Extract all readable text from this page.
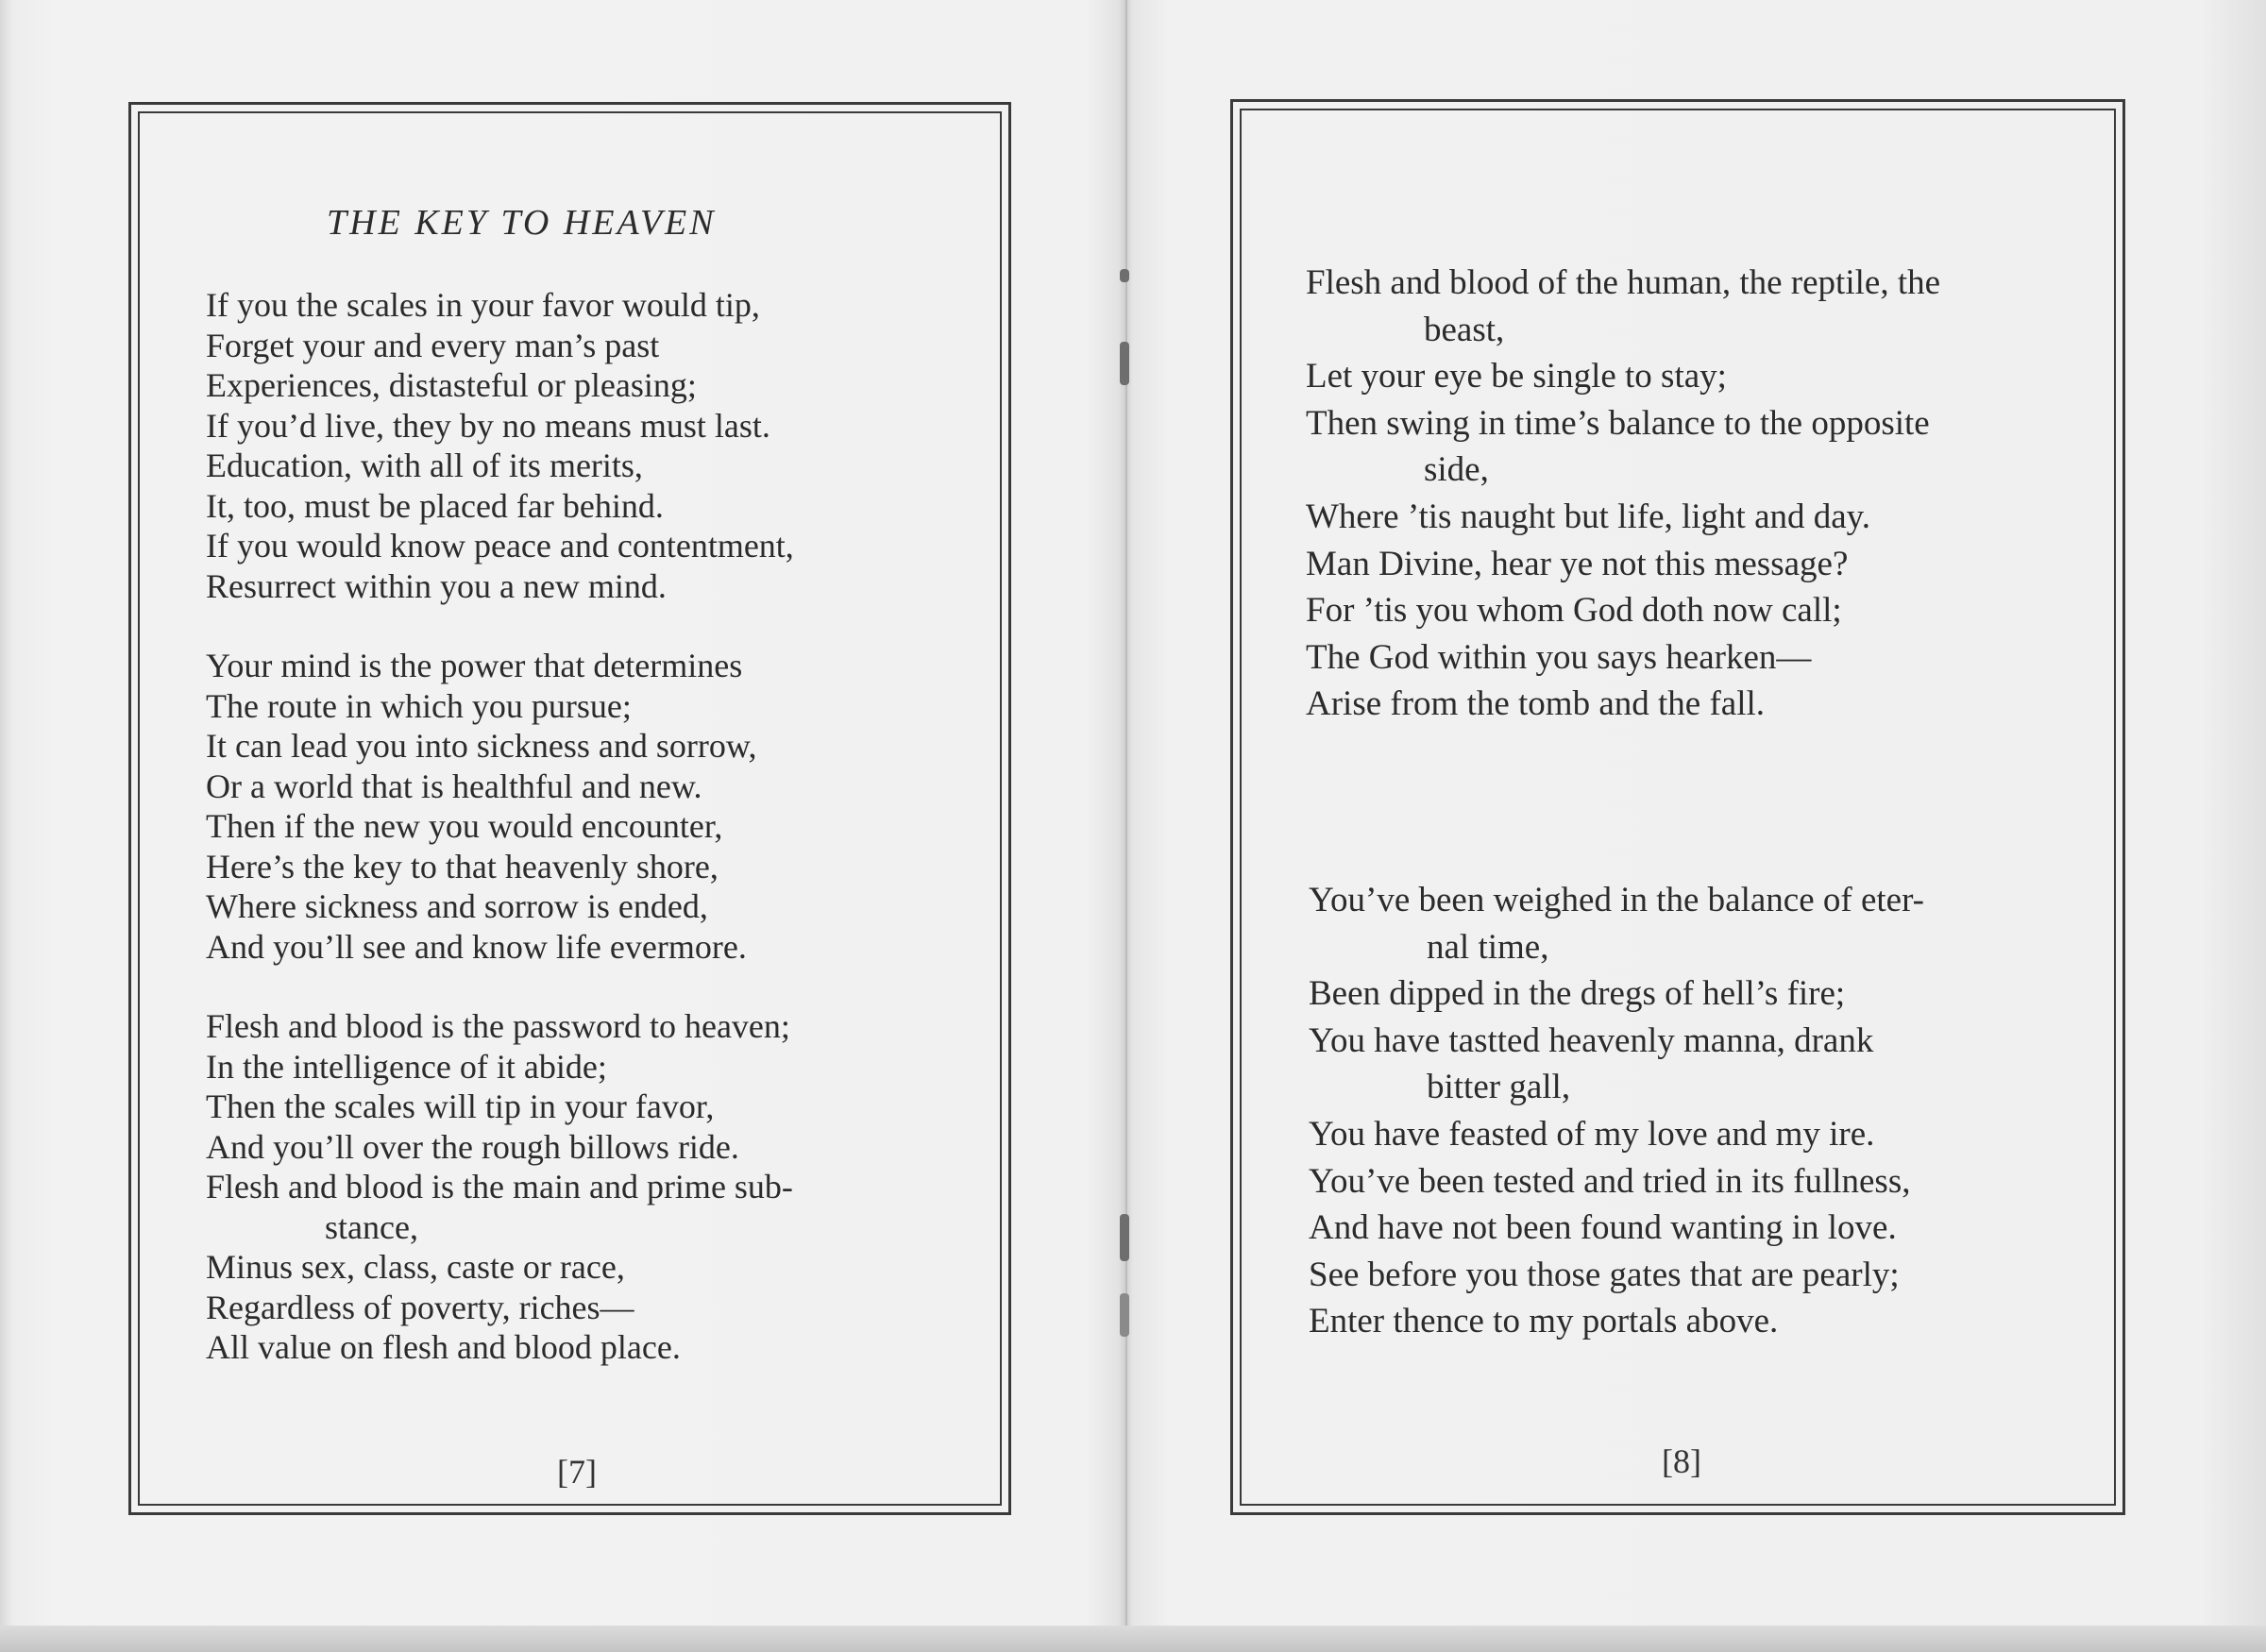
THE KEY TO HEAVEN
If you the scales in your favor would tip,
Forget your and every man’s past
Experiences, distasteful or pleasing;
If you’d live, they by no means must last.
Education, with all of its merits,
It, too, must be placed far behind.
If you would know peace and contentment,
Resurrect within you a new mind.
Your mind is the power that determines
The route in which you pursue;
It can lead you into sickness and sorrow,
Or a world that is healthful and new.
Then if the new you would encounter,
Here’s the key to that heavenly shore,
Where sickness and sorrow is ended,
And you’ll see and know life evermore.
Flesh and blood is the password to heaven;
In the intelligence of it abide;
Then the scales will tip in your favor,
And you’ll over the rough billows ride.
Flesh and blood is the main and prime sub-
stance,
Minus sex, class, caste or race,
Regardless of poverty, riches—
All value on flesh and blood place.
[7]
Flesh and blood of the human, the reptile, the
beast,
Let your eye be single to stay;
Then swing in time’s balance to the opposite
side,
Where ’tis naught but life, light and day.
Man Divine, hear ye not this message?
For ’tis you whom God doth now call;
The God within you says hearken—
Arise from the tomb and the fall.
You’ve been weighed in the balance of eter-
nal time,
Been dipped in the dregs of hell’s fire;
You have tastted heavenly manna, drank
bitter gall,
You have feasted of my love and my ire.
You’ve been tested and tried in its fullness,
And have not been found wanting in love.
See before you those gates that are pearly;
Enter thence to my portals above.
[8]
